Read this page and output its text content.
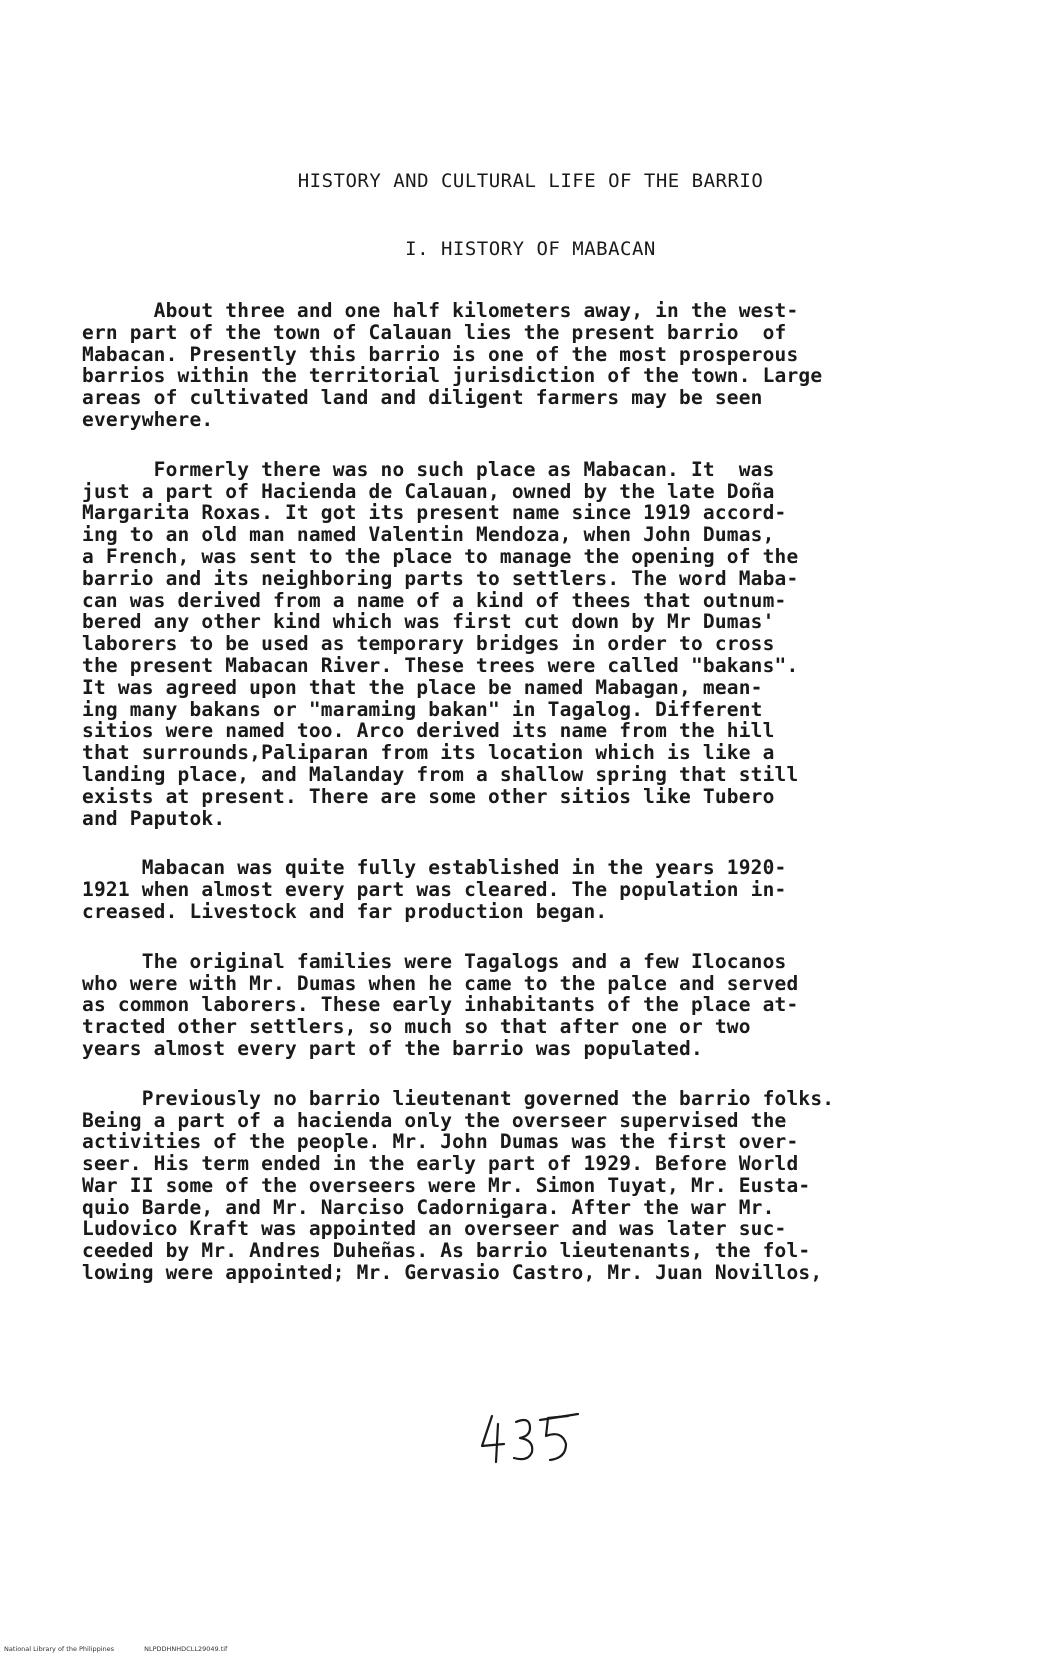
HISTORY AND CULTURAL LIFE OF THE BARRIO
I. HISTORY OF MABACAN
About three and one half kilometers away, in the west-
ern part of the town of Calauan lies the present barrio  of
Mabacan. Presently this barrio is one of the most prosperous
barrios within the territorial jurisdiction of the town. Large
areas of cultivated land and diligent farmers may be seen
everywhere.
Formerly there was no such place as Mabacan. It  was
just a part of Hacienda de Calauan, owned by the late Doña
Margarita Roxas. It got its present name since 1919 accord-
ing to an old man named Valentin Mendoza, when John Dumas,
a French, was sent to the place to manage the opening of the
barrio and its neighboring parts to settlers. The word Maba-
can was derived from a name of a kind of thees that outnum-
bered any other kind which was first cut down by Mr Dumas'
laborers to be used as temporary bridges in order to cross
the present Mabacan River. These trees were called "bakans".
It was agreed upon that the place be named Mabagan, mean-
ing many bakans or "maraming bakan" in Tagalog. Different
sitios were named too. Arco derived its name from the hill
that surrounds,Paliparan from its location which is like a
landing place, and Malanday from a shallow spring that still
exists at present. There are some other sitios like Tubero
and Paputok.
Mabacan was quite fully established in the years 1920-
1921 when almost every part was cleared. The population in-
creased. Livestock and far production began.
The original families were Tagalogs and a few Ilocanos
who were with Mr. Dumas when he came to the palce and served
as common laborers. These early inhabitants of the place at-
tracted other settlers, so much so that after one or two
years almost every part of the barrio was populated.
Previously no barrio lieutenant governed the barrio folks.
Being a part of a hacienda only the overseer supervised the
activities of the people. Mr. John Dumas was the first over-
seer. His term ended in the early part of 1929. Before World
War II some of the overseers were Mr. Simon Tuyat, Mr. Eusta-
quio Barde, and Mr. Narciso Cadornigara. After the war Mr.
Ludovico Kraft was appointed an overseer and was later suc-
ceeded by Mr. Andres Duheñas. As barrio lieutenants, the fol-
lowing were appointed; Mr. Gervasio Castro, Mr. Juan Novillos,
National Library of the Philippines	NLPDDHNHDCLL29049.tif
